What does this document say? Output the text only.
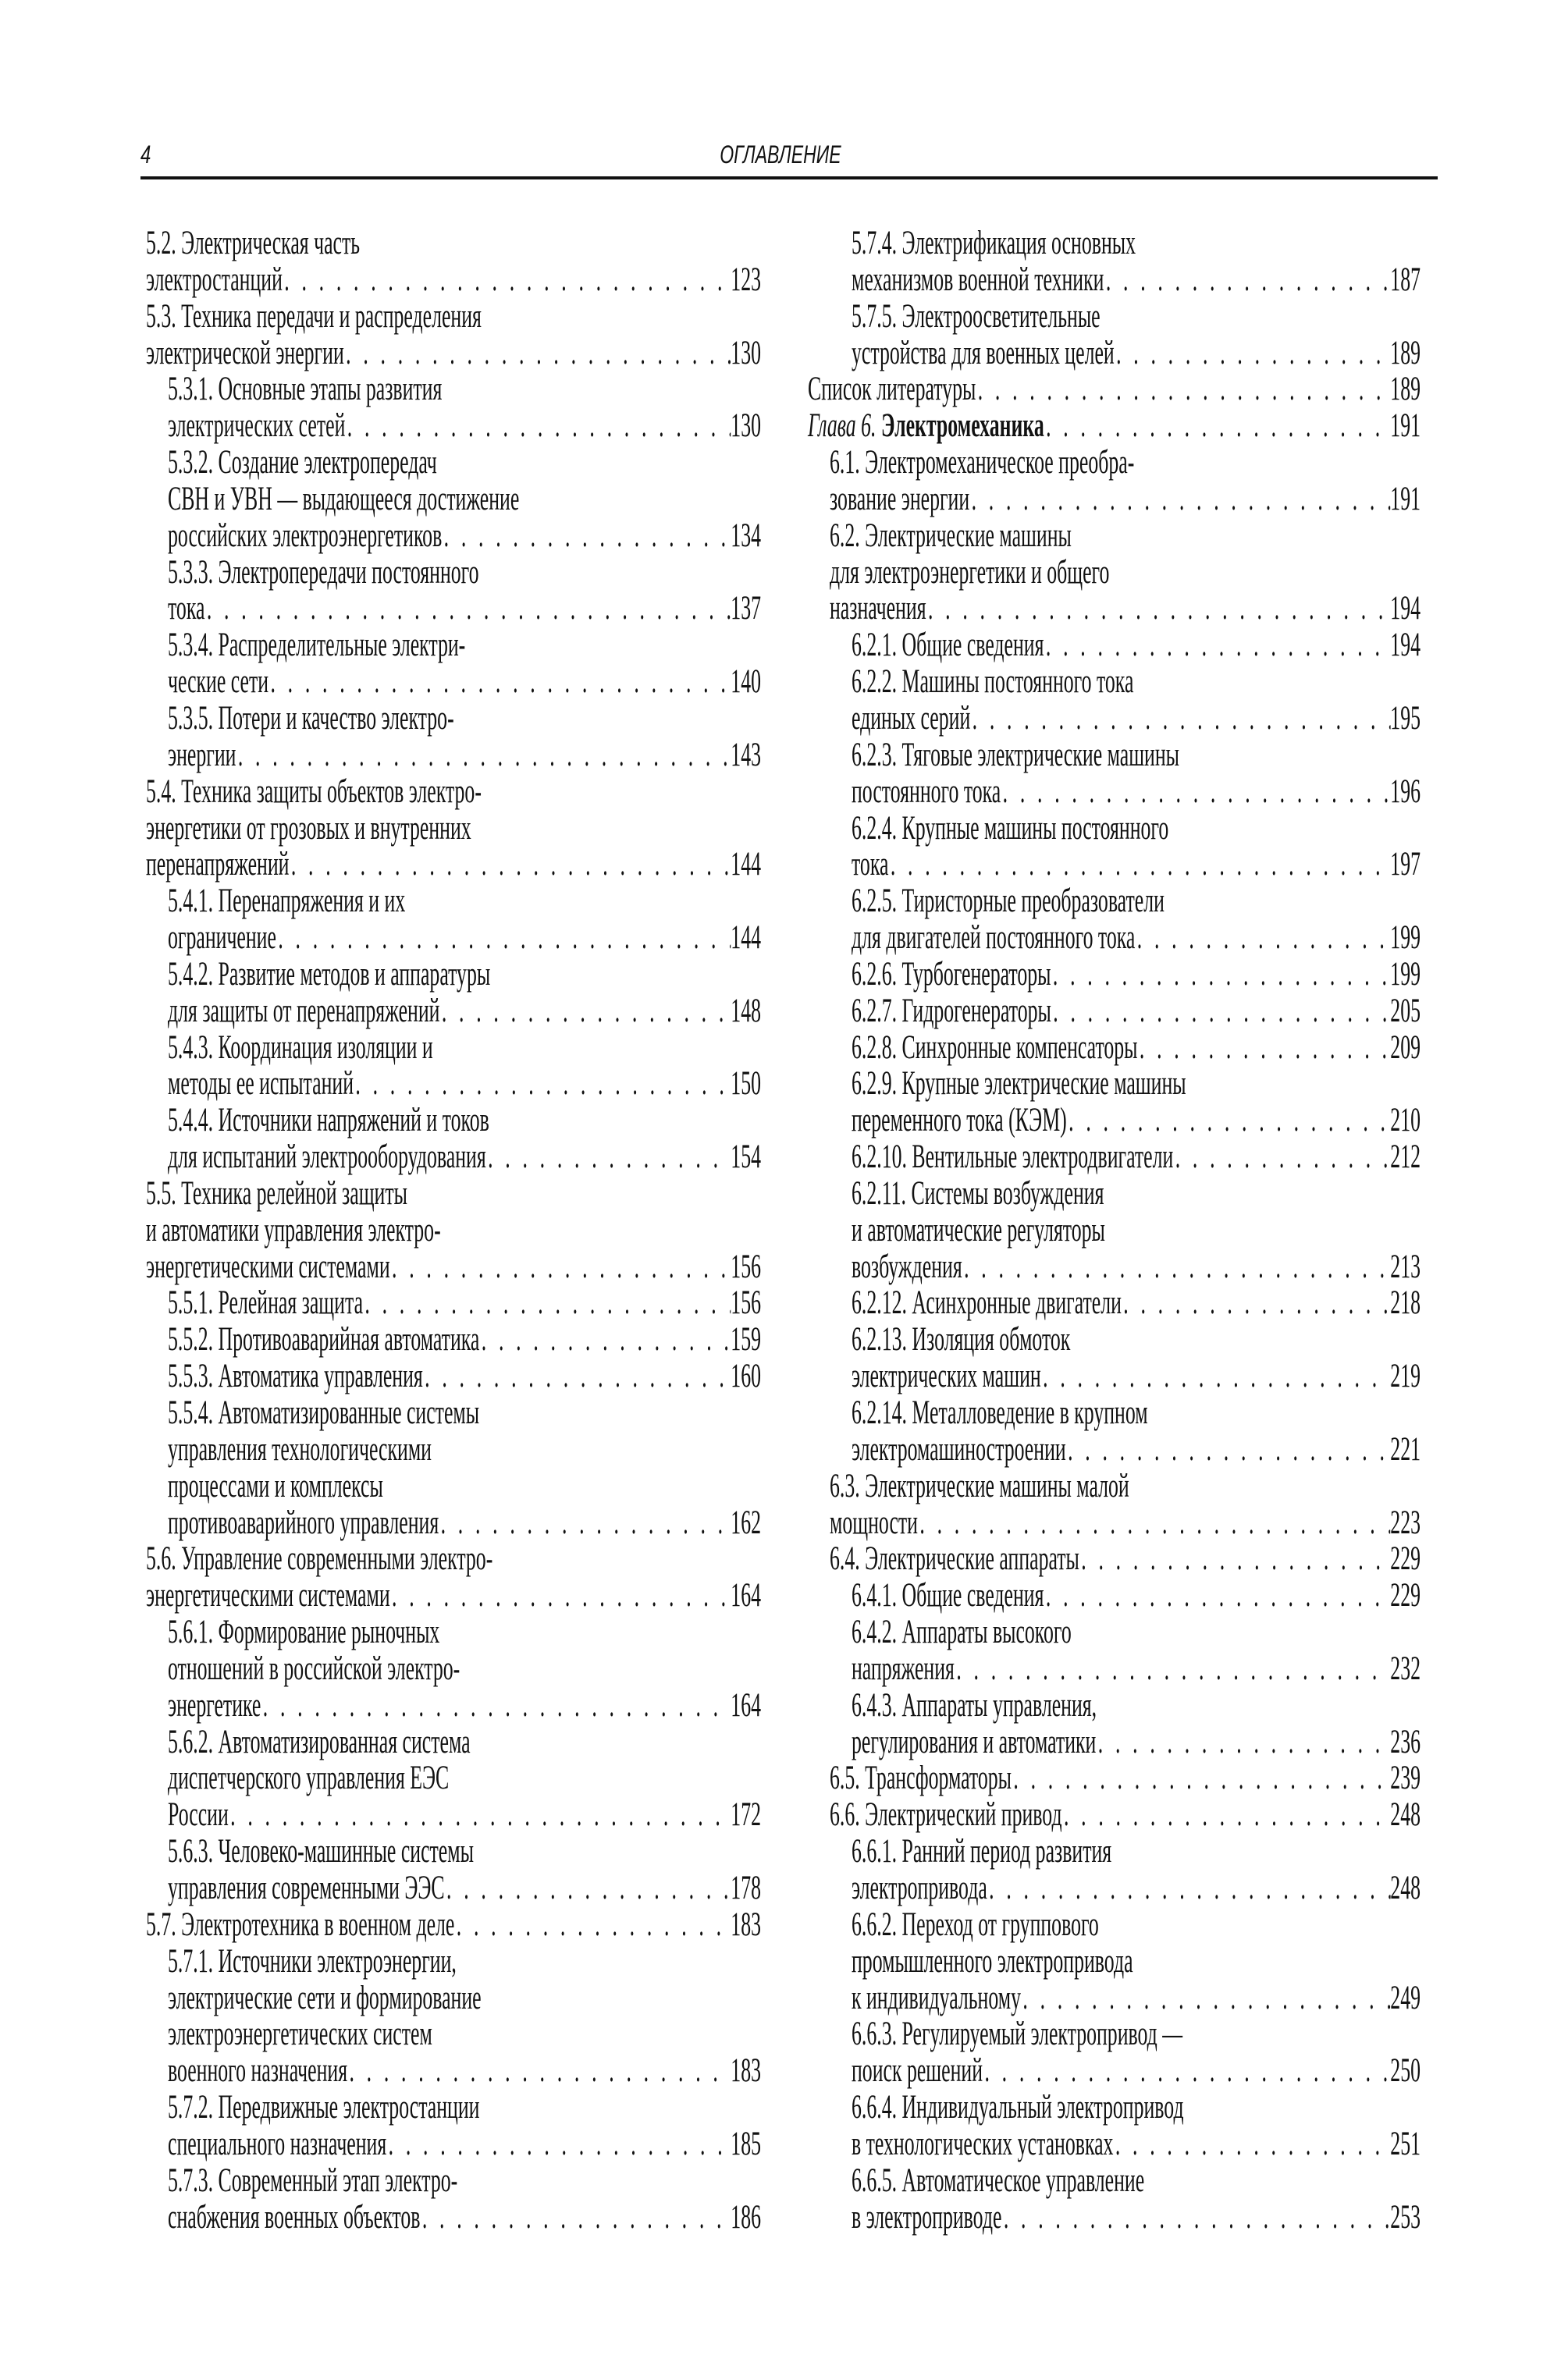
4	ОГЛАВЛЕНИЕ
5.2. Электрическая часть
электростанций . . .	123
5.3. Техника передачи и распределения
электрической энергии . . .	130
5.3.1. Основные этапы развития
электрических сетей . . .	130
5.3.2. Создание электропередач
СВН и УВН — выдающееся достижение
российских электроэнергетиков . . .	134
5.3.3. Электропередачи постоянного
тока . . .	137
5.3.4. Распределительные электри-
ческие сети . . .	140
5.3.5. Потери и качество электро-
энергии . . .	143
5.4. Техника защиты объектов электро-
энергетики от грозовых и внутренних
перенапряжений . . .	144
5.4.1. Перенапряжения и их
ограничение . . .	144
5.4.2. Развитие методов и аппаратуры
для защиты от перенапряжений . . .	148
5.4.3. Координация изоляции и
методы ее испытаний . . .	150
5.4.4. Источники напряжений и токов
для испытаний электрооборудования . . .	154
5.5. Техника релейной защиты
и автоматики управления электро-
энергетическими системами . . .	156
5.5.1. Релейная защита . . .	156
5.5.2. Противоаварийная автоматика . . .	159
5.5.3. Автоматика управления . . .	160
5.5.4. Автоматизированные системы
управления технологическими
процессами и комплексы
противоаварийного управления . . .	162
5.6. Управление современными электро-
энергетическими системами . . .	164
5.6.1. Формирование рыночных
отношений в российской электро-
энергетике . . .	164
5.6.2. Автоматизированная система
диспетчерского управления ЕЭС
России . . .	172
5.6.3. Человеко-машинные системы
управления современными ЭЭС . . .	178
5.7. Электротехника в военном деле . . .	183
5.7.1. Источники электроэнергии,
электрические сети и формирование
электроэнергетических систем
военного назначения . . .	183
5.7.2. Передвижные электростанции
специального назначения . . .	185
5.7.3. Современный этап электро-
снабжения военных объектов . . .	186
5.7.4. Электрификация основных
механизмов военной техники . . .	187
5.7.5. Электроосветительные
устройства для военных целей . . .	189
Список литературы . . .	189
Глава 6. Электромеханика . . .	191
6.1. Электромеханическое преобра-
зование энергии . . .	191
6.2. Электрические машины
для электроэнергетики и общего
назначения . . .	194
6.2.1. Общие сведения . . .	194
6.2.2. Машины постоянного тока
единых серий . . .	195
6.2.3. Тяговые электрические машины
постоянного тока . . .	196
6.2.4. Крупные машины постоянного
тока . . .	197
6.2.5. Тиристорные преобразователи
для двигателей постоянного тока . . .	199
6.2.6. Турбогенераторы . . .	199
6.2.7. Гидрогенераторы . . .	205
6.2.8. Синхронные компенсаторы . . .	209
6.2.9. Крупные электрические машины
переменного тока (КЭМ) . . .	210
6.2.10. Вентильные электродвигатели . . .	212
6.2.11. Системы возбуждения
и автоматические регуляторы
возбуждения . . .	213
6.2.12. Асинхронные двигатели . . .	218
6.2.13. Изоляция обмоток
электрических машин . . .	219
6.2.14. Металловедение в крупном
электромашиностроении . . .	221
6.3. Электрические машины малой
мощности . . .	223
6.4. Электрические аппараты . . .	229
6.4.1. Общие сведения . . .	229
6.4.2. Аппараты высокого
напряжения . . .	232
6.4.3. Аппараты управления,
регулирования и автоматики . . .	236
6.5. Трансформаторы . . .	239
6.6. Электрический привод . . .	248
6.6.1. Ранний период развития
электропривода . . .	248
6.6.2. Переход от группового
промышленного электропривода
к индивидуальному . . .	249
6.6.3. Регулируемый электропривод —
поиск решений . . .	250
6.6.4. Индивидуальный электропривод
в технологических установках . . .	251
6.6.5. Автоматическое управление
в электроприводе . . .	253
